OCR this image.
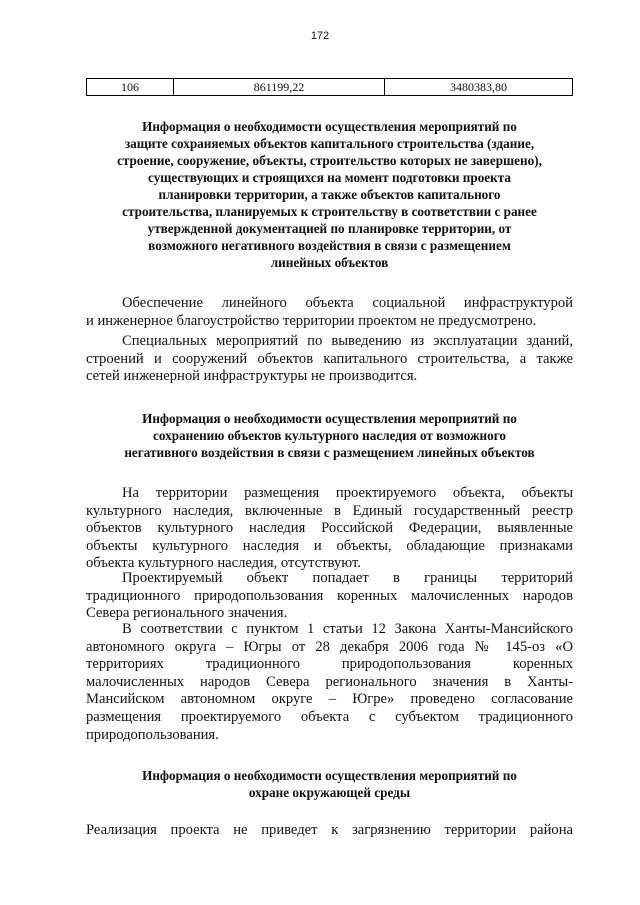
172
106	861199,22	3480383,80
Информация о необходимости осуществления мероприятий по
защите сохраняемых объектов капитального строительства (здание,
строение, сооружение, объекты, строительство которых не завершено),
существующих и строящихся на момент подготовки проекта
планировки территории, а также объектов капитального
строительства, планируемых к строительству в соответствии с ранее
утвержденной документацией по планировке территории, от
возможного негативного воздействия в связи с размещением
линейных объектов
Обеспечение линейного объекта социальной инфраструктурой
и инженерное благоустройство территории проектом не предусмотрено.
Специальных мероприятий по выведению из эксплуатации зданий,
строений и сооружений объектов капитального строительства, а также
сетей инженерной инфраструктуры не производится.
Информация о необходимости осуществления мероприятий по
сохранению объектов культурного наследия от возможного
негативного воздействия в связи с размещением линейных объектов
На территории размещения проектируемого объекта, объекты
культурного наследия, включенные в Единый государственный реестр
объектов культурного наследия Российской Федерации, выявленные
объекты культурного наследия и объекты, обладающие признаками
объекта культурного наследия, отсутствуют.
Проектируемый объект попадает в границы территорий
традиционного природопользования коренных малочисленных народов
Севера регионального значения.
В соответствии с пунктом 1 статьи 12 Закона Ханты-Мансийского
автономного округа – Югры от 28 декабря 2006 года № 145-оз «О
территориях традиционного природопользования коренных
малочисленных народов Севера регионального значения в Ханты-
Мансийском автономном округе – Югре» проведено согласование
размещения проектируемого объекта с субъектом традиционного
природопользования.
Информация о необходимости осуществления мероприятий по
охране окружающей среды
Реализация проекта не приведет к загрязнению территории района
